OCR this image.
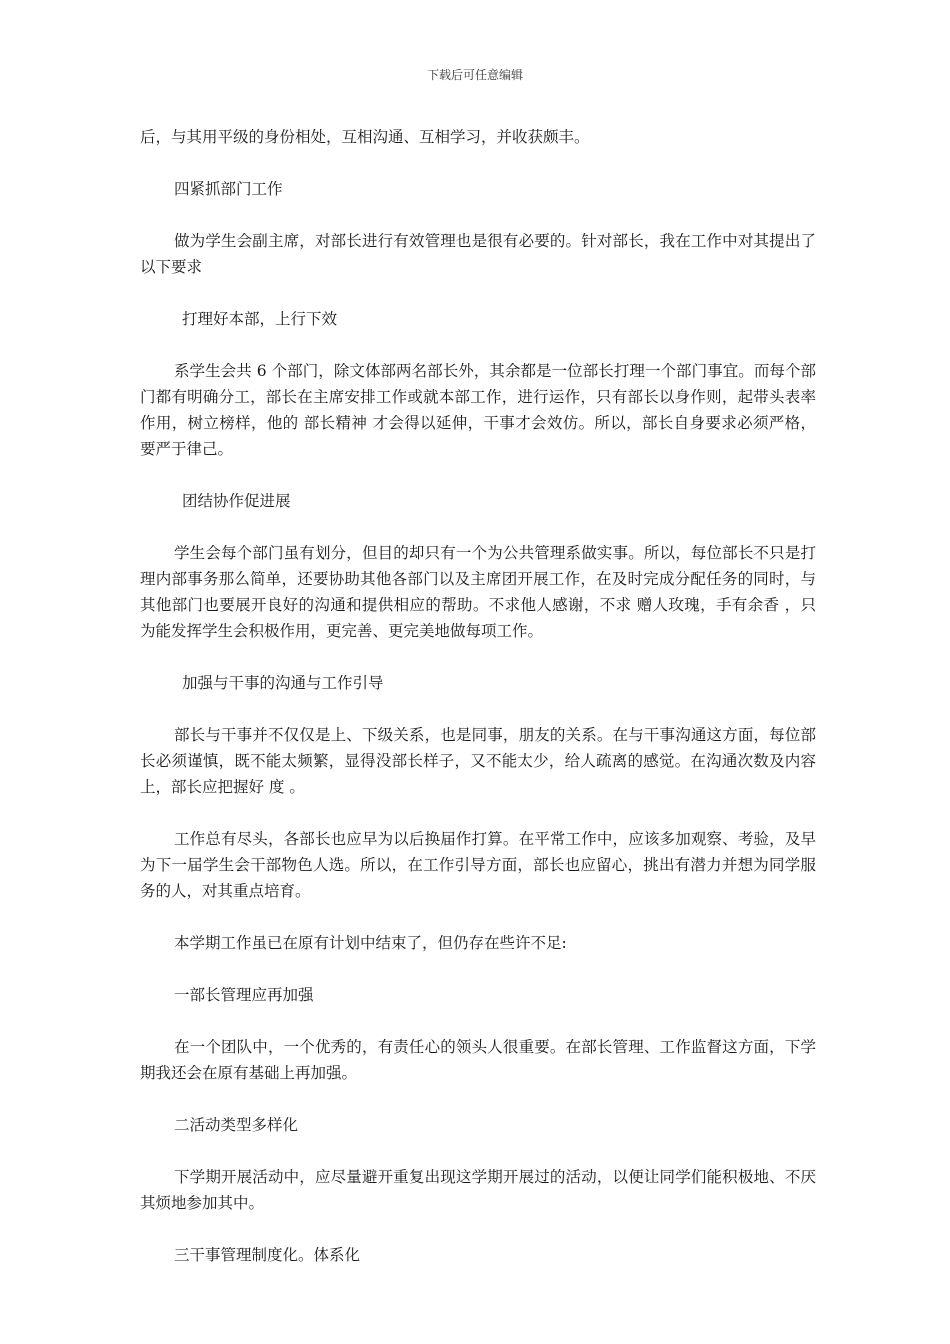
下载后可任意编辑

后，与其用平级的身份相处，互相沟通、互相学习，并收获颇丰。

四紧抓部门工作

做为学生会副主席，对部长进行有效管理也是很有必要的。针对部长，我在工作中对其提出了以下要求

打理好本部，上行下效

系学生会共 6 个部门，除文体部两名部长外，其余都是一位部长打理一个部门事宜。而每个部门都有明确分工，部长在主席安排工作或就本部工作，进行运作，只有部长以身作则，起带头表率作用，树立榜样，他的 部长精神 才会得以延伸，干事才会效仿。所以，部长自身要求必须严格，要严于律己。

团结协作促进展

学生会每个部门虽有划分，但目的却只有一个为公共管理系做实事。所以，每位部长不只是打理内部事务那么简单，还要协助其他各部门以及主席团开展工作，在及时完成分配任务的同时，与其他部门也要展开良好的沟通和提供相应的帮助。不求他人感谢，不求 赠人玫瑰，手有余香 ，只为能发挥学生会积极作用，更完善、更完美地做每项工作。

加强与干事的沟通与工作引导

部长与干事并不仅仅是上、下级关系，也是同事，朋友的关系。在与干事沟通这方面，每位部长必须谨慎，既不能太频繁，显得没部长样子，又不能太少，给人疏离的感觉。在沟通次数及内容上，部长应把握好 度 。

工作总有尽头，各部长也应早为以后换届作打算。在平常工作中，应该多加观察、考验，及早为下一届学生会干部物色人选。所以，在工作引导方面，部长也应留心，挑出有潜力并想为同学服务的人，对其重点培育。

本学期工作虽已在原有计划中结束了，但仍存在些许不足:

一部长管理应再加强

在一个团队中，一个优秀的，有责任心的领头人很重要。在部长管理、工作监督这方面，下学期我还会在原有基础上再加强。

二活动类型多样化

下学期开展活动中，应尽量避开重复出现这学期开展过的活动，以便让同学们能积极地、不厌其烦地参加其中。

三干事管理制度化。体系化
